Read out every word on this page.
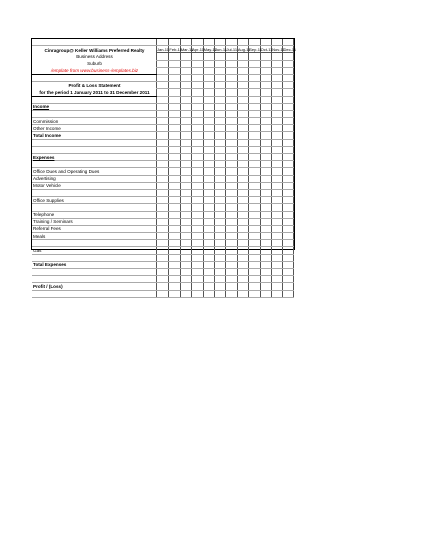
Cinragroup@ Keller Williams Preferred Realty	Jan-11	Feb-11	Mar-11	Apr-11	May-11	Jun-11	Jul-11	Aug-11	Sep-11	Oct-11	Nov-11	Dec-11
Business Address												
Suburb												
/emplate from www.business-/emplates.biz												

Profit & Loss Statement												
for the period 1 January 2011 to 31 December 2011												

Income												

Commission												
Other Income												
Total Income												

Expenses												

Office Dues and Operating Dues												
Advertising												
Motor Vehicle												

Office Supplies												

Telephone												
Training / Seminars												
Referral Fees												
Meals												

Gas												

Total Expenses												

Profit / (Loss)												
